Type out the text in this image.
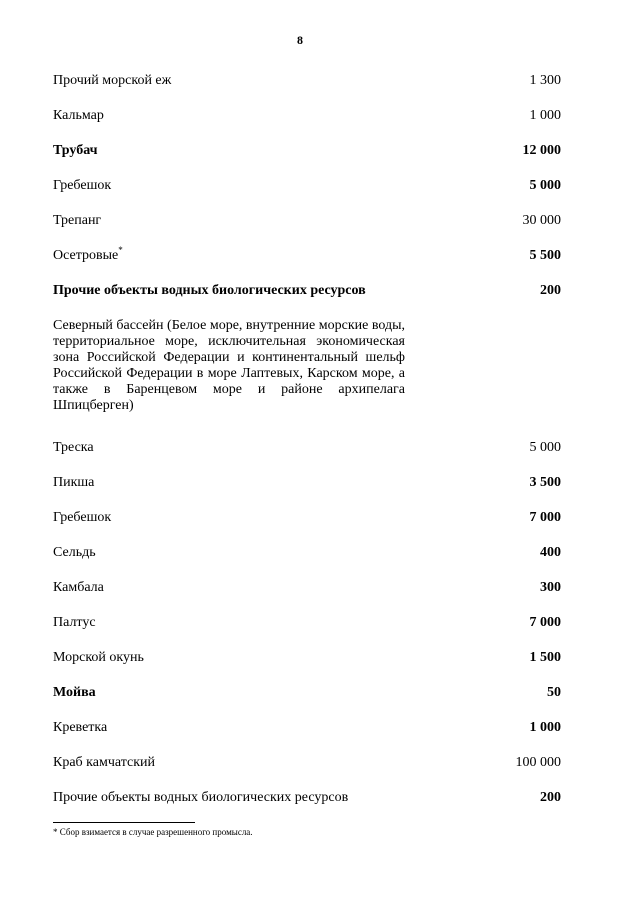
8
Прочий морской еж	1 300
Кальмар	1 000
Трубач	12 000
Гребешок	5 000
Трепанг	30 000
Осетровые*	5 500
Прочие объекты водных биологических ресурсов	200
Северный бассейн (Белое море, внутренние морские воды, территориальное море, исключительная экономическая зона Российской Федерации и континентальный шельф Российской Федерации в море Лаптевых, Карском море, а также в Баренцевом море и районе архипелага Шпицберген)
Треска	5 000
Пикша	3 500
Гребешок	7 000
Сельдь	400
Камбала	300
Палтус	7 000
Морской окунь	1 500
Мойва	50
Креветка	1 000
Краб камчатский	100 000
Прочие объекты водных биологических ресурсов	200
* Сбор взимается в случае разрешенного промысла.
